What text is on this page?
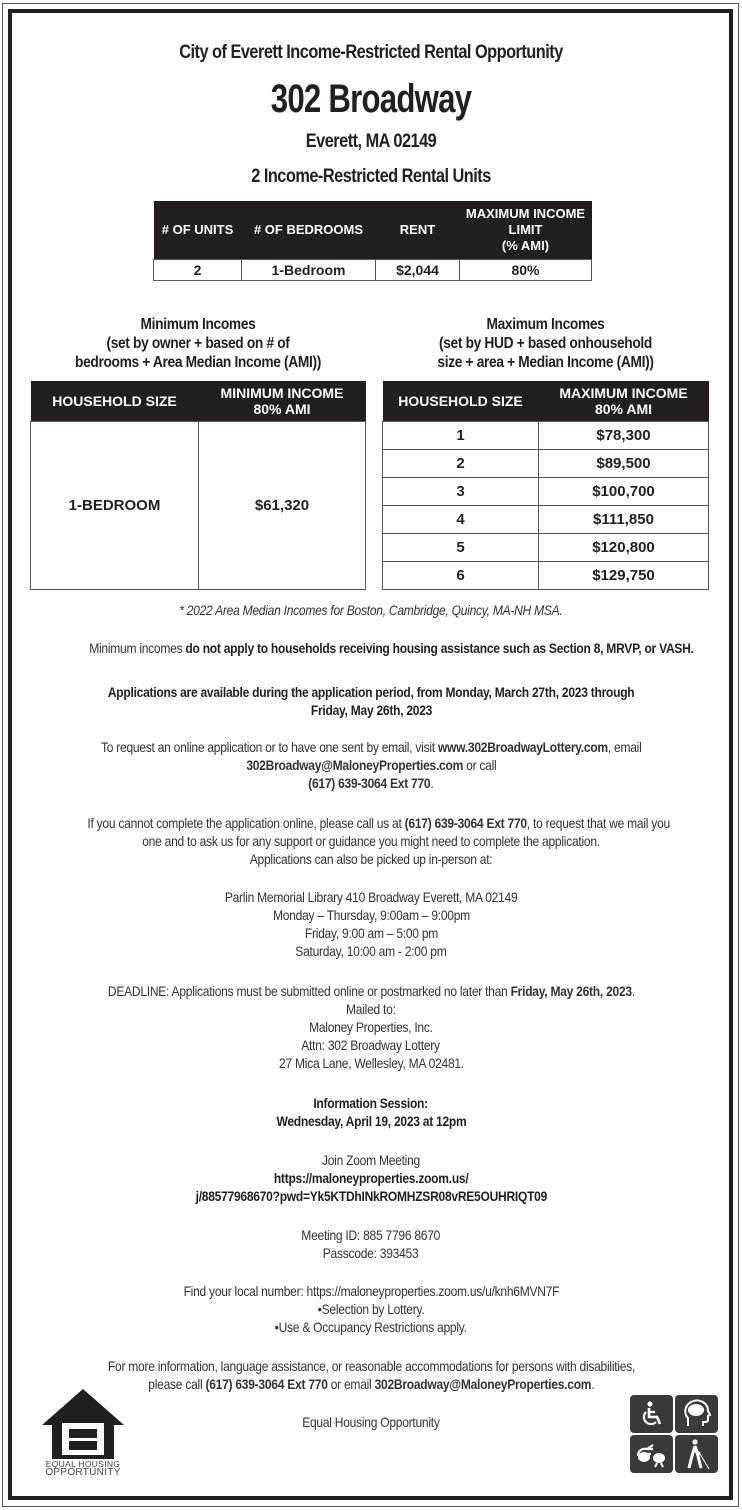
City of Everett Income-Restricted Rental Opportunity
302 Broadway
Everett, MA 02149
2 Income-Restricted Rental Units
# OF UNITS	# OF BEDROOMS	RENT	MAXIMUM INCOME
LIMIT
(% AMI)

2	1-Bedroom	$2,044	80%
Minimum Incomes
(set by owner + based on # of
bedrooms + Area Median Income (AMI))
Maximum Incomes
(set by HUD + based onhousehold
size + area + Median Income (AMI))
HOUSEHOLD SIZE	MINIMUM INCOME
80% AMI

1-BEDROOM	$61,320
HOUSEHOLD SIZE	MAXIMUM INCOME
80% AMI

1	$78,300
2	$89,500
3	$100,700
4	$111,850
5	$120,800
6	$129,750
* 2022 Area Median Incomes for Boston, Cambridge, Quincy, MA-NH MSA.
Minimum incomes do not apply to households receiving housing assistance such as Section 8, MRVP, or VASH.
Applications are available during the application period, from Monday, March 27th, 2023 through
Friday, May 26th, 2023
To request an online application or to have one sent by email, visit www.302BroadwayLottery.com, email
302Broadway@MaloneyProperties.com or call
(617) 639-3064 Ext 770.
If you cannot complete the application online, please call us at (617) 639-3064 Ext 770, to request that we mail you
one and to ask us for any support or guidance you might need to complete the application.
Applications can also be picked up in-person at:
Parlin Memorial Library 410 Broadway Everett, MA 02149
Monday – Thursday, 9:00am – 9:00pm
Friday, 9:00 am – 5:00 pm
Saturday, 10:00 am - 2:00 pm
DEADLINE: Applications must be submitted online or postmarked no later than Friday, May 26th, 2023.
Mailed to:
Maloney Properties, Inc.
Attn: 302 Broadway Lottery
27 Mica Lane, Wellesley, MA 02481.
Information Session:
Wednesday, April 19, 2023 at 12pm
Join Zoom Meeting
https://maloneyproperties.zoom.us/
j/88577968670?pwd=Yk5KTDhINkROMHZSR08vRE5OUHRIQT09
Meeting ID: 885 7796 8670
Passcode: 393453
Find your local number: https://maloneyproperties.zoom.us/u/knh6MVN7F
•Selection by Lottery.
•Use & Occupancy Restrictions apply.
For more information, language assistance, or reasonable accommodations for persons with disabilities,
please call (617) 639-3064 Ext 770 or email 302Broadway@MaloneyProperties.com.
Equal Housing Opportunity
EQUAL HOUSING
OPPORTUNITY
